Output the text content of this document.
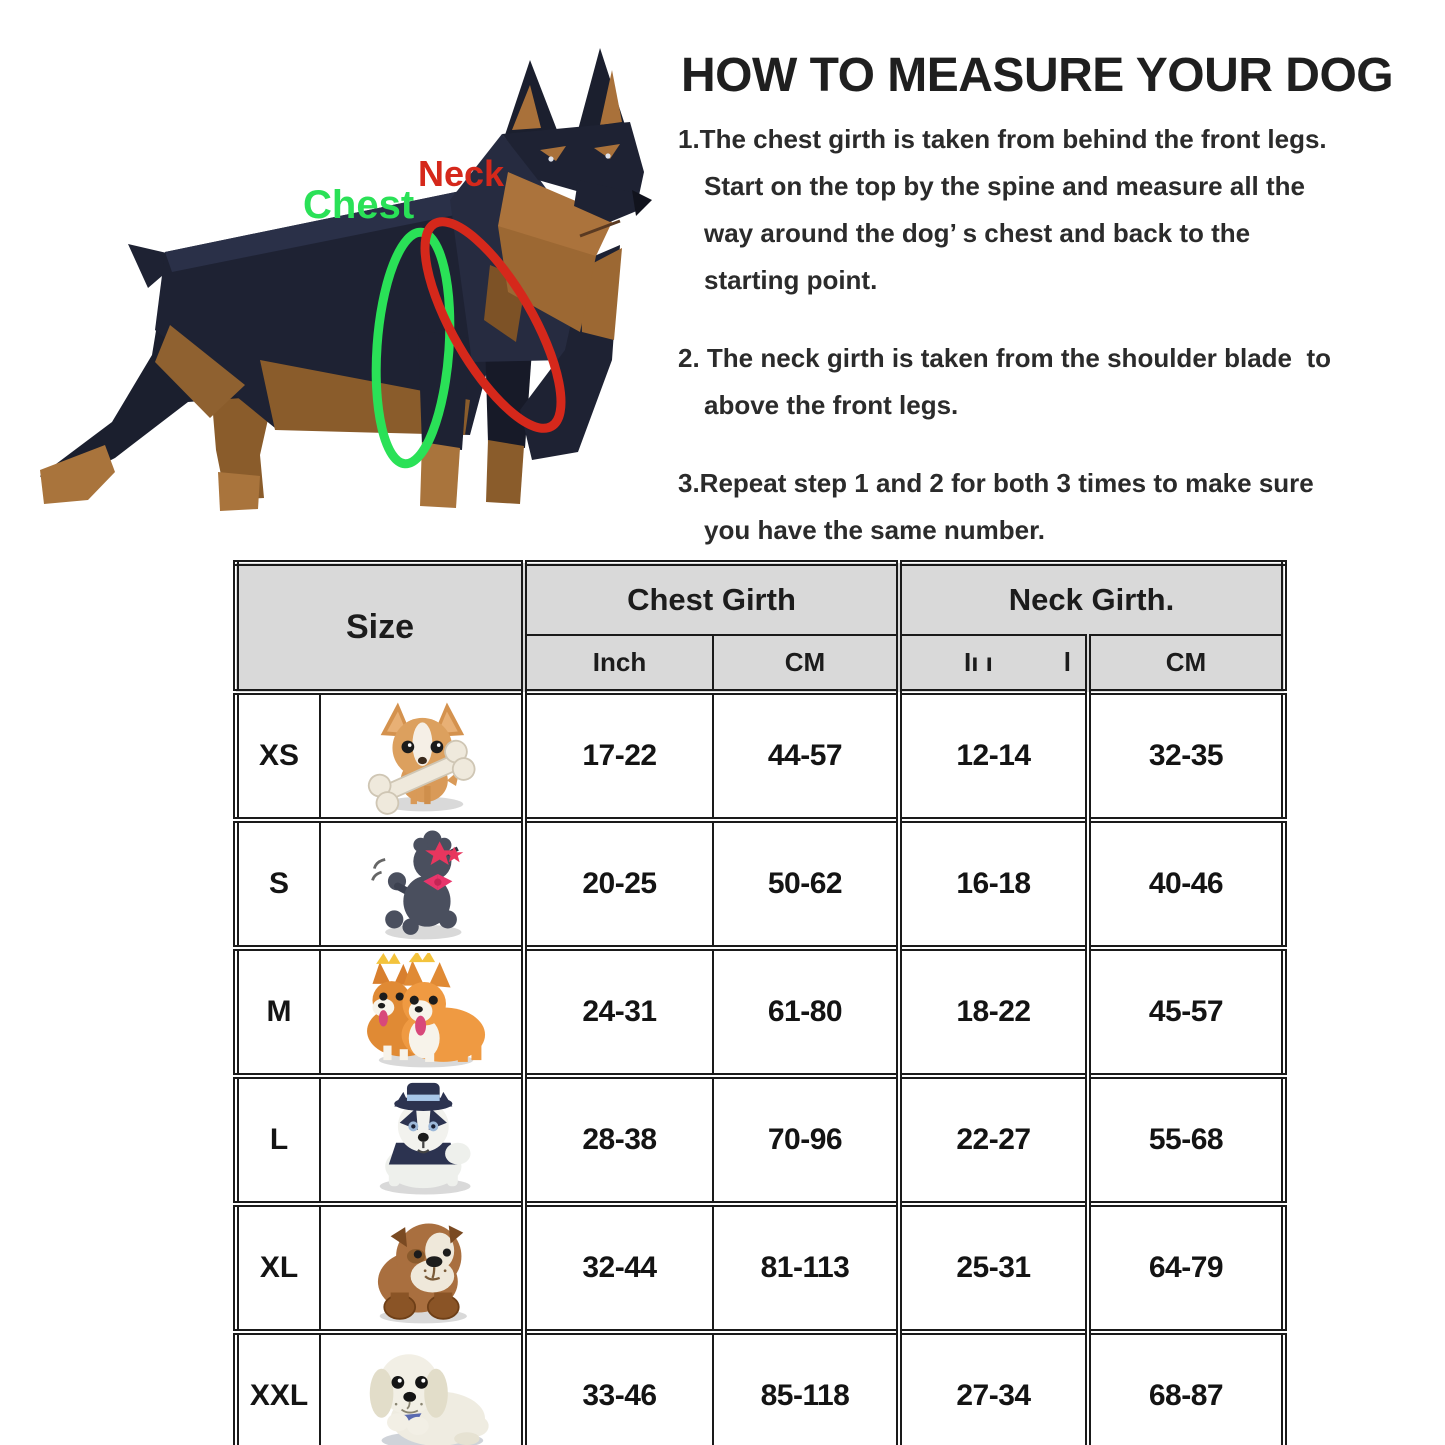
Chest
Neck
HOW TO MEASURE YOUR DOG
1.The chest girth is taken from behind the front legs.
Start on the top by the spine and measure all the
way around the dog’ s chest and back to the
starting point.
2. The neck girth is taken from the shoulder blade  to
above the front legs.
3.Repeat step 1 and 2 for both 3 times to make sure
you have the same number.
Size		Chest Girth		Neck Girth.	
		Inch	CM	Iı ı l	CM
XS		17-22	44-57	12-14	32-35
S		20-25	50-62	16-18	40-46
M		24-31	61-80	18-22	45-57
L		28-38	70-96	22-27	55-68
XL		32-44	81-113	25-31	64-79
XXL		33-46	85-118	27-34	68-87
